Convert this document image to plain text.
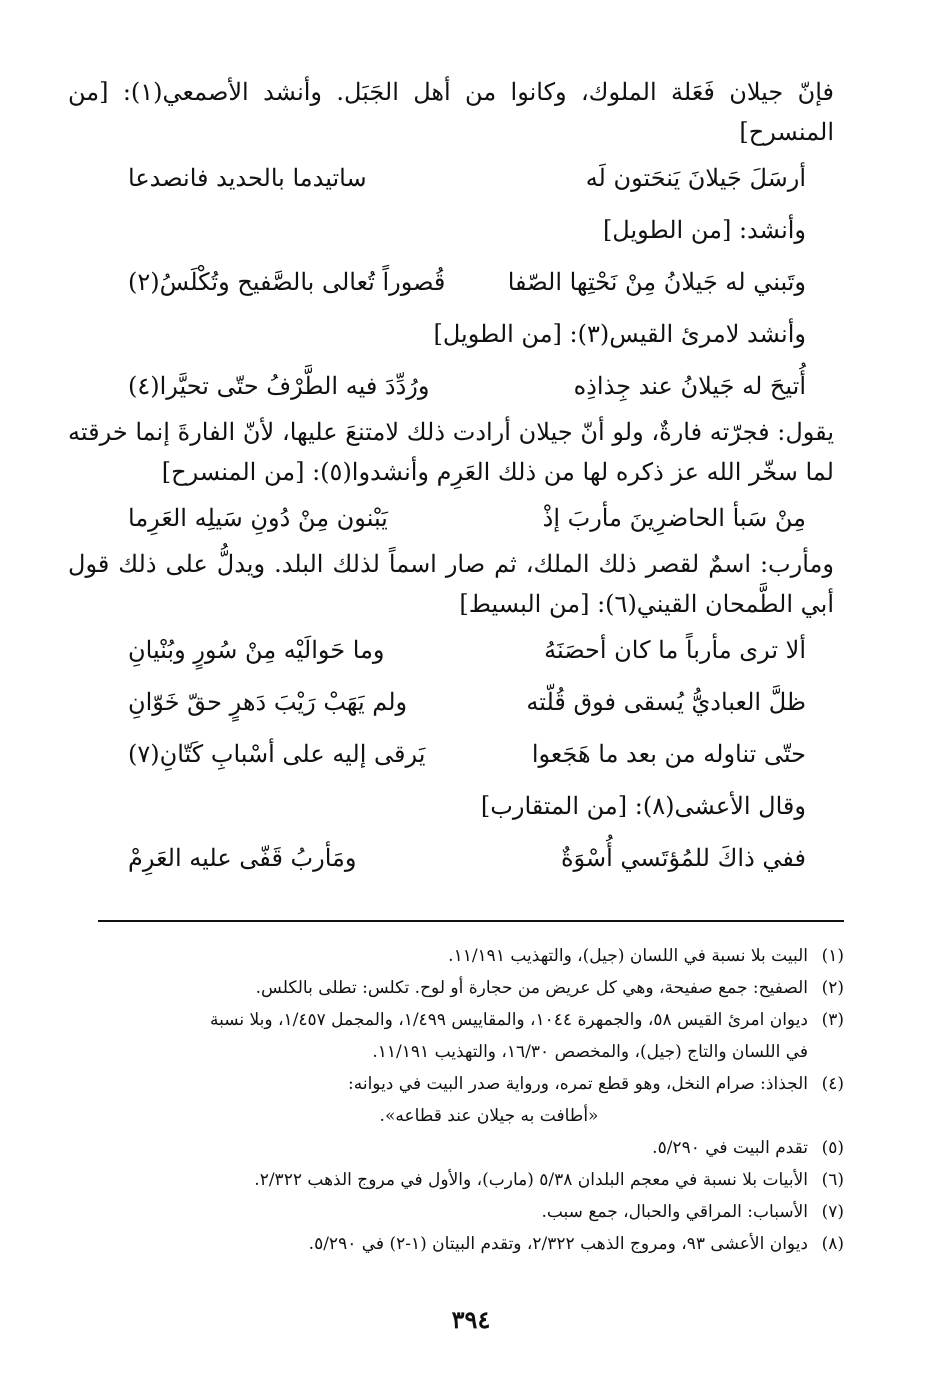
فإنّ جيلان فَعَلة الملوك، وكانوا من أهل الجَبَل. وأنشد الأصمعي(١): [من المنسرح]

أرسَلَ جَيلانَ يَنحَتون لَه
ساتيدما بالحديد فانصدعا
وأنشد: [من الطويل]
وتَبني له جَيلانُ مِنْ نَحْتِها الصّفا
قُصوراً تُعالى بالصَّفيح وتُكْلَسُ(٢)
وأنشد لامرئ القيس(٣): [من الطويل]
أُتيحَ له جَيلانُ عند جِذاذِه
ورُدِّدَ فيه الطَّرْفُ حتّى تحيَّرا(٤)

يقول: فجرّته فارةٌ، ولو أنّ جيلان أرادت ذلك لامتنعَ عليها، لأنّ الفارةَ إنما خرقته لما سخّر الله عز ذكره لها من ذلك العَرِم وأنشدوا(٥): [من المنسرح]

مِنْ سَبأ الحاضرِينَ مأربَ إذْ
يَبْنون مِنْ دُونِ سَيلِه العَرِما

ومأرب: اسمٌ لقصر ذلك الملك، ثم صار اسماً لذلك البلد. ويدلُّ على ذلك قول أبي الطَّمحان القيني(٦): [من البسيط]

ألا ترى مأرباً ما كان أحصَنَهُ
وما حَوالَيْه مِنْ سُورٍ وبُنْيانِ
ظلَّ العباديُّ يُسقى فوق قُلّته
ولم يَهَبْ رَيْبَ دَهرٍ حقّ خَوّانِ
حتّى تناوله من بعد ما هَجَعوا
يَرقى إليه على أسْبابِ كَتّانِ(٧)
وقال الأعشى(٨): [من المتقارب]
ففي ذاكَ للمُؤتَسي أُسْوَةٌ
ومَأربُ قَفّى عليه العَرِمْ
(١)البيت بلا نسبة في اللسان (جيل)، والتهذيب ١١/١٩١.
(٢)الصفيح: جمع صفيحة، وهي كل عريض من حجارة أو لوح. تكلس: تطلى بالكلس.
(٣)ديوان امرئ القيس ٥٨، والجمهرة ١٠٤٤، والمقاييس ١/٤٩٩، والمجمل ١/٤٥٧، وبلا نسبة
في اللسان والتاج (جيل)، والمخصص ١٦/٣٠، والتهذيب ١١/١٩١.
(٤)الجذاذ: صرام النخل، وهو قطع تمره، ورواية صدر البيت في ديوانه:
«أطافت به جيلان عند قطاعه».
(٥)تقدم البيت في ٥/٢٩٠.
(٦)الأبيات بلا نسبة في معجم البلدان ٥/٣٨ (مارب)، والأول في مروج الذهب ٢/٣٢٢.
(٧)الأسباب: المراقي والحبال، جمع سبب.
(٨)ديوان الأعشى ٩٣، ومروج الذهب ٢/٣٢٢، وتقدم البيتان (١-٢) في ٥/٢٩٠.
٣٩٤
